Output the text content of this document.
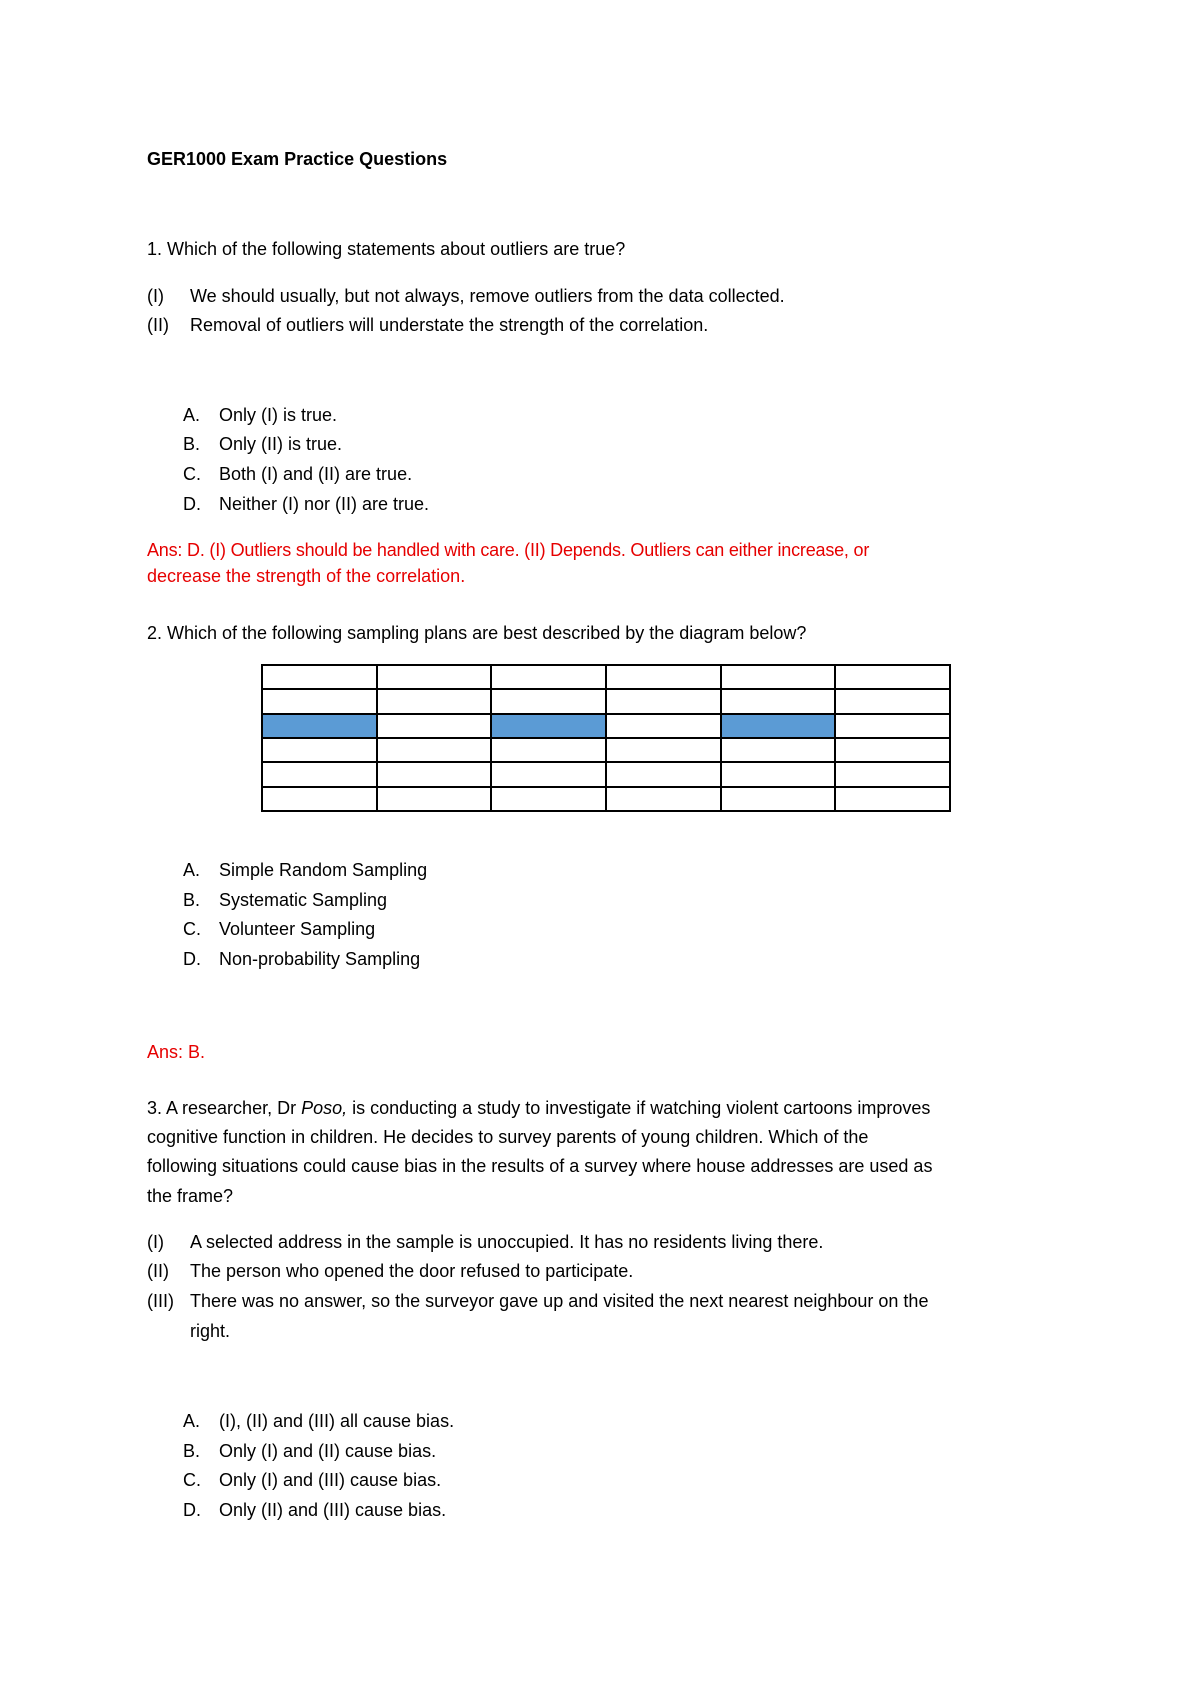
GER1000 Exam Practice Questions
1. Which of the following statements about outliers are true?
(I) We should usually, but not always, remove outliers from the data collected.
(II) Removal of outliers will understate the strength of the correlation.
A. Only (I) is true.
B. Only (II) is true.
C. Both (I) and (II) are true.
D. Neither (I) nor (II) are true.
Ans: D. (I) Outliers should be handled with care. (II) Depends. Outliers can either increase, or
decrease the strength of the correlation.
2. Which of the following sampling plans are best described by the diagram below?

A. Simple Random Sampling
B. Systematic Sampling
C. Volunteer Sampling
D. Non-probability Sampling
Ans: B.
3. A researcher, Dr Poso, is conducting a study to investigate if watching violent cartoons improves
cognitive function in children. He decides to survey parents of young children. Which of the
following situations could cause bias in the results of a survey where house addresses are used as
the frame?
(I) A selected address in the sample is unoccupied. It has no residents living there.
(II) The person who opened the door refused to participate.
(III) There was no answer, so the surveyor gave up and visited the next nearest neighbour on the
right.
A. (I), (II) and (III) all cause bias.
B. Only (I) and (II) cause bias.
C. Only (I) and (III) cause bias.
D. Only (II) and (III) cause bias.
